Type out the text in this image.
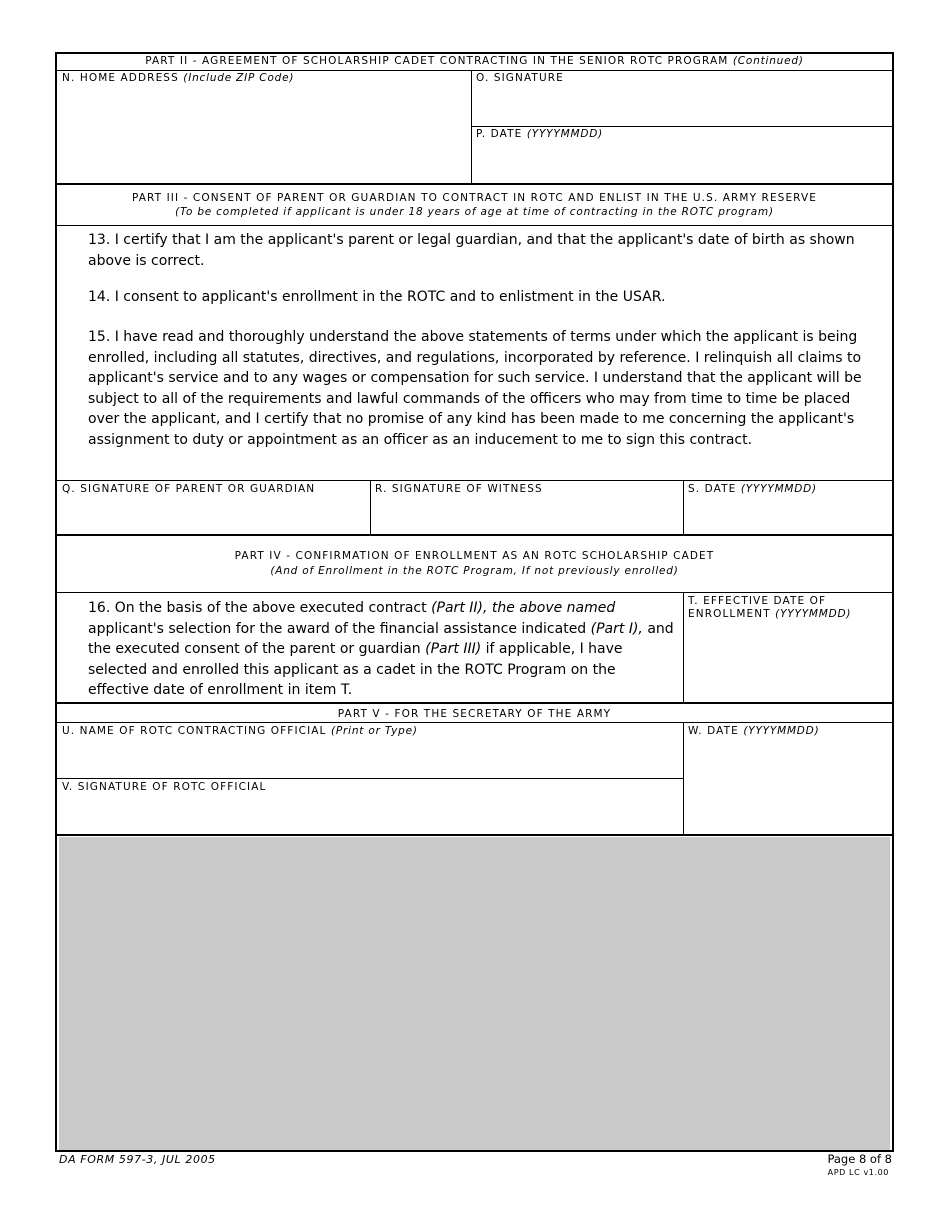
PART II - AGREEMENT OF SCHOLARSHIP CADET CONTRACTING IN THE SENIOR ROTC PROGRAM (Continued)
N. HOME ADDRESS (Include ZIP Code)	O. SIGNATURE
P. DATE (YYYYMMDD)
PART III - CONSENT OF PARENT OR GUARDIAN TO CONTRACT IN ROTC AND ENLIST IN THE U.S. ARMY RESERVE
(To be completed if applicant is under 18 years of age at time of contracting in the ROTC program)
13. I certify that I am the applicant's parent or legal guardian, and that the applicant's date of birth as shown above is correct.
14. I consent to applicant's enrollment in the ROTC and to enlistment in the USAR.
15. I have read and thoroughly understand the above statements of terms under which the applicant is being enrolled, including all statutes, directives, and regulations, incorporated by reference. I relinquish all claims to applicant's service and to any wages or compensation for such service. I understand that the applicant will be subject to all of the requirements and lawful commands of the officers who may from time to time be placed over the applicant, and I certify that no promise of any kind has been made to me concerning the applicant's assignment to duty or appointment as an officer as an inducement to me to sign this contract.
Q. SIGNATURE OF PARENT OR GUARDIAN	R. SIGNATURE OF WITNESS	S. DATE (YYYYMMDD)
PART IV - CONFIRMATION OF ENROLLMENT AS AN ROTC SCHOLARSHIP CADET
(And of Enrollment in the ROTC Program, If not previously enrolled)
16. On the basis of the above executed contract (Part II), the above named applicant's selection for the award of the financial assistance indicated (Part I), and the executed consent of the parent or guardian (Part III) if applicable, I have selected and enrolled this applicant as a cadet in the ROTC Program on the effective date of enrollment in item T.
T. EFFECTIVE DATE OF
ENROLLMENT (YYYYMMDD)
PART V - FOR THE SECRETARY OF THE ARMY
U. NAME OF ROTC CONTRACTING OFFICIAL (Print or Type)
V. SIGNATURE OF ROTC OFFICIAL
W. DATE (YYYYMMDD)
DA FORM 597-3, JUL 2005	Page 8 of 8
APD LC v1.00
